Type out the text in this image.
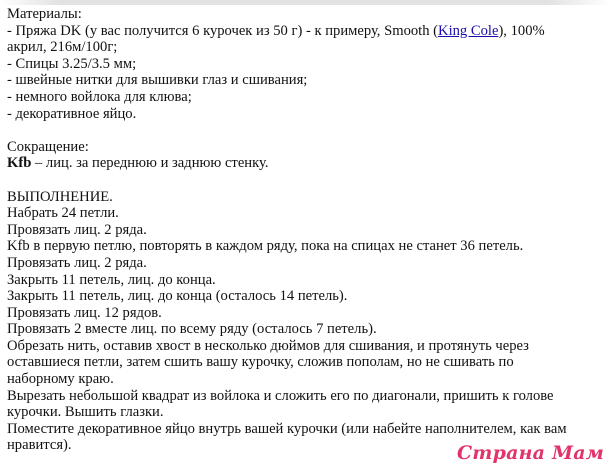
Материалы:
- Пряжа DK (у вас получится 6 курочек из 50 г) - к примеру, Smooth (King Cole), 100%
акрил, 216м/100г;
- Спицы 3.25/3.5 мм;
- швейные нитки для вышивки глаз и сшивания;
- немного войлока для клюва;
- декоративное яйцо.
Сокращение:
Kfb – лиц. за переднюю и заднюю стенку.
ВЫПОЛНЕНИЕ.
Набрать 24 петли.
Провязать лиц. 2 ряда.
Kfb в первую петлю, повторять в каждом ряду, пока на спицах не станет 36 петель.
Провязать лиц. 2 ряда.
Закрыть 11 петель, лиц. до конца.
Закрыть 11 петель, лиц. до конца (осталось 14 петель).
Провязать лиц. 12 рядов.
Провязать 2 вместе лиц. по всему ряду (осталось 7 петель).
Обрезать нить, оставив хвост в несколько дюймов для сшивания, и протянуть через
оставшиеся петли, затем сшить вашу курочку, сложив пополам, но не сшивать по
наборному краю.
Вырезать небольшой квадрат из войлока и сложить его по диагонали, пришить к голове
курочки. Вышить глазки.
Поместите декоративное яйцо внутрь вашей курочки (или набейте наполнителем, как вам
нравится).	Страна Мам
